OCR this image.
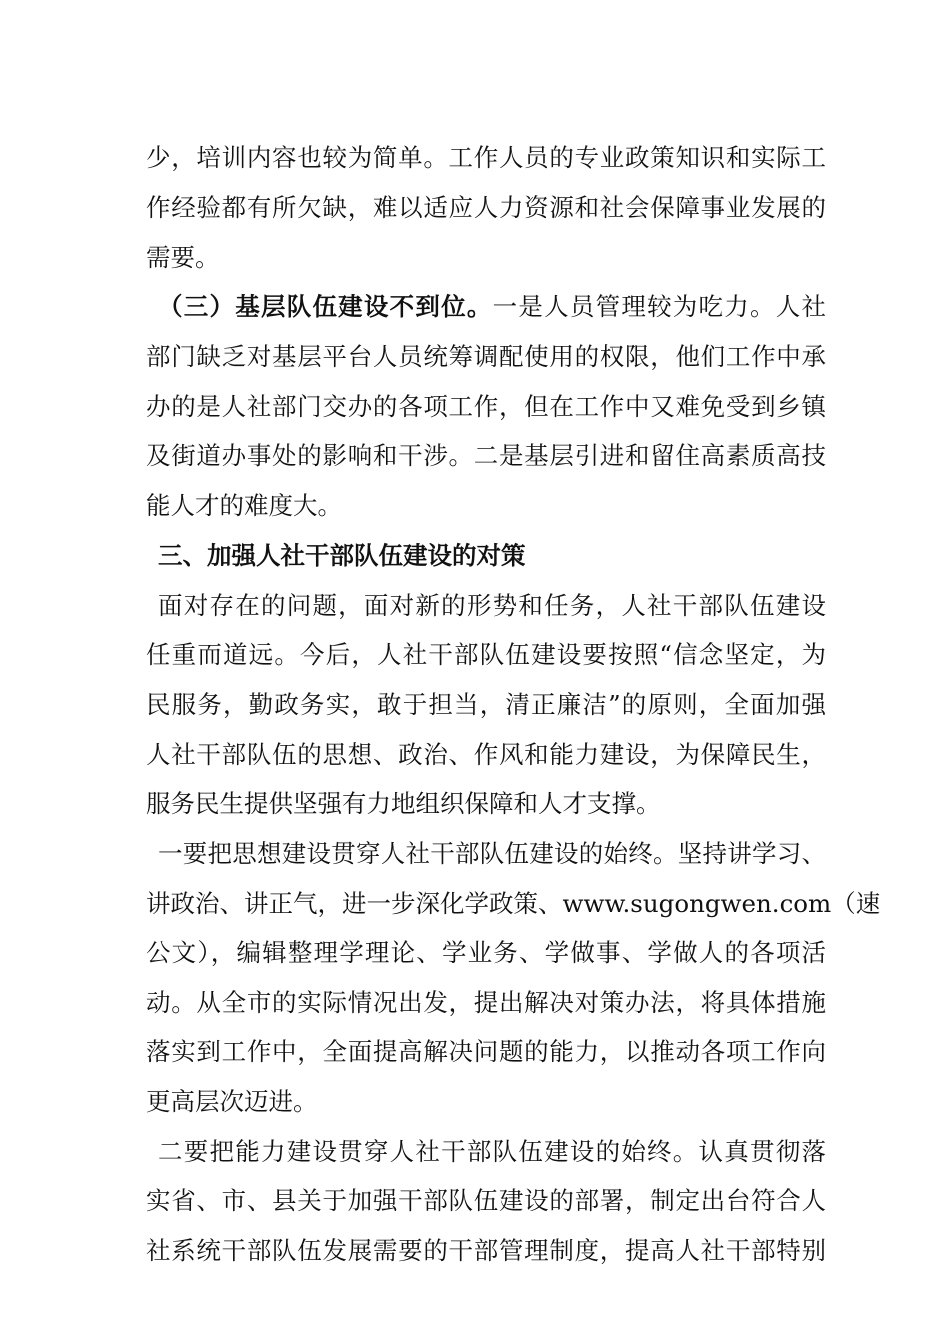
少，培训内容也较为简单。工作人员的专业政策知识和实际工
作经验都有所欠缺，难以适应人力资源和社会保障事业发展的
需要。
（三）基层队伍建设不到位。一是人员管理较为吃力。人社
部门缺乏对基层平台人员统筹调配使用的权限，他们工作中承
办的是人社部门交办的各项工作，但在工作中又难免受到乡镇
及街道办事处的影响和干涉。二是基层引进和留住高素质高技
能人才的难度大。
三、加强人社干部队伍建设的对策
面对存在的问题，面对新的形势和任务，人社干部队伍建设
任重而道远。今后，人社干部队伍建设要按照“信念坚定，为
民服务，勤政务实，敢于担当，清正廉洁”的原则，全面加强
人社干部队伍的思想、政治、作风和能力建设，为保障民生，
服务民生提供坚强有力地组织保障和人才支撑。
一要把思想建设贯穿人社干部队伍建设的始终。坚持讲学习、
讲政治、讲正气，进一步深化学政策、www.sugongwen.com（速
公文），编辑整理学理论、学业务、学做事、学做人的各项活
动。从全市的实际情况出发，提出解决对策办法，将具体措施
落实到工作中，全面提高解决问题的能力，以推动各项工作向
更高层次迈进。
二要把能力建设贯穿人社干部队伍建设的始终。认真贯彻落
实省、市、县关于加强干部队伍建设的部署，制定出台符合人
社系统干部队伍发展需要的干部管理制度，提高人社干部特别
